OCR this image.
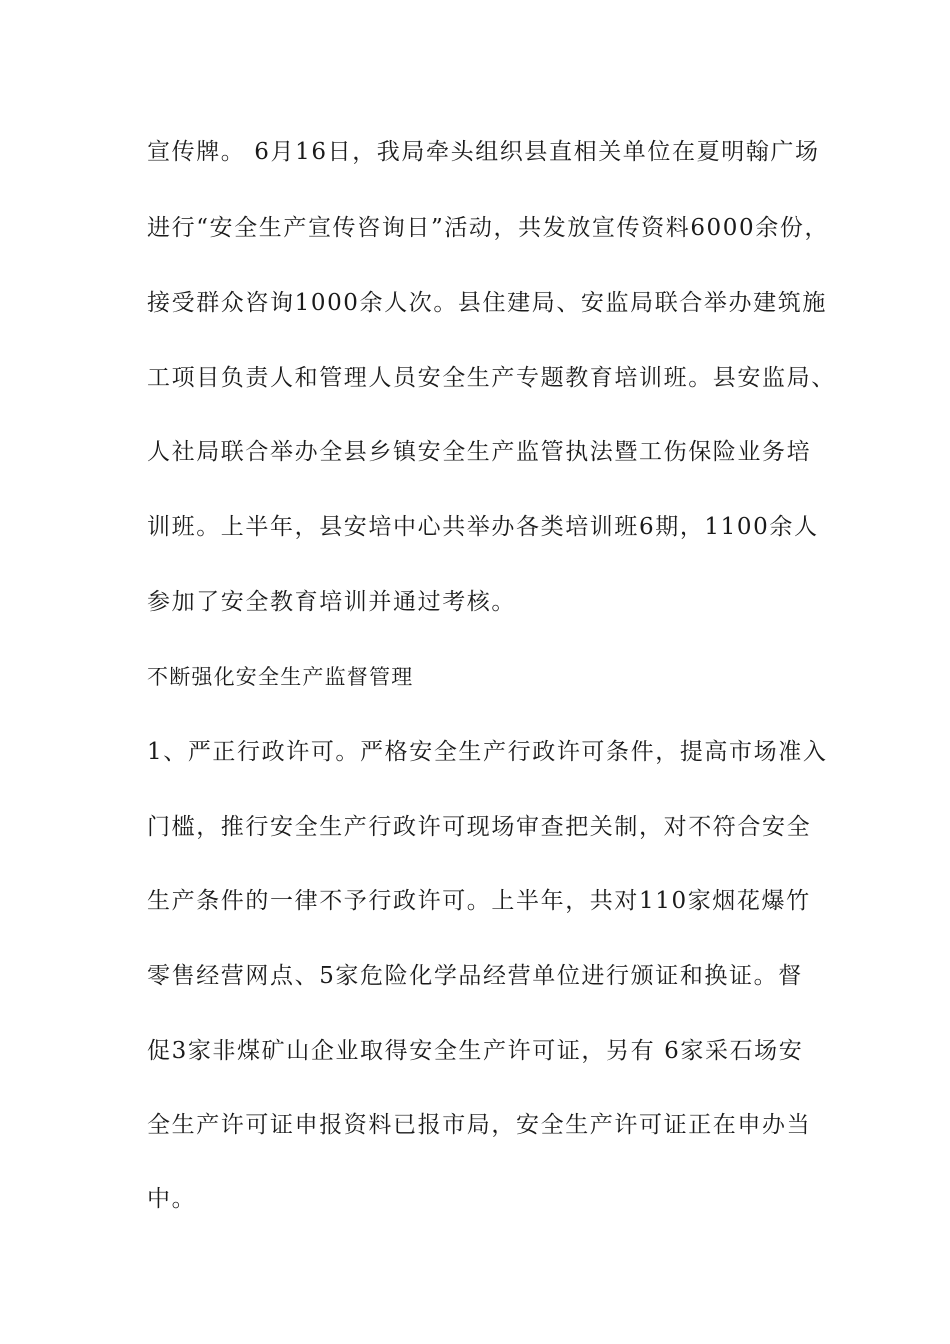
宣传牌。 6月16日，我局牵头组织县直相关单位在夏明翰广场
进行“安全生产宣传咨询日”活动，共发放宣传资料6000余份，
接受群众咨询1000余人次。县住建局、安监局联合举办建筑施
工项目负责人和管理人员安全生产专题教育培训班。县安监局、
人社局联合举办全县乡镇安全生产监管执法暨工伤保险业务培
训班。上半年，县安培中心共举办各类培训班6期，1100余人
参加了安全教育培训并通过考核。
不断强化安全生产监督管理
1、严正行政许可。严格安全生产行政许可条件，提高市场准入
门槛，推行安全生产行政许可现场审查把关制，对不符合安全
生产条件的一律不予行政许可。上半年，共对110家烟花爆竹
零售经营网点、5家危险化学品经营单位进行颁证和换证。督
促3家非煤矿山企业取得安全生产许可证，另有 6家采石场安
全生产许可证申报资料已报市局，安全生产许可证正在申办当
中。
